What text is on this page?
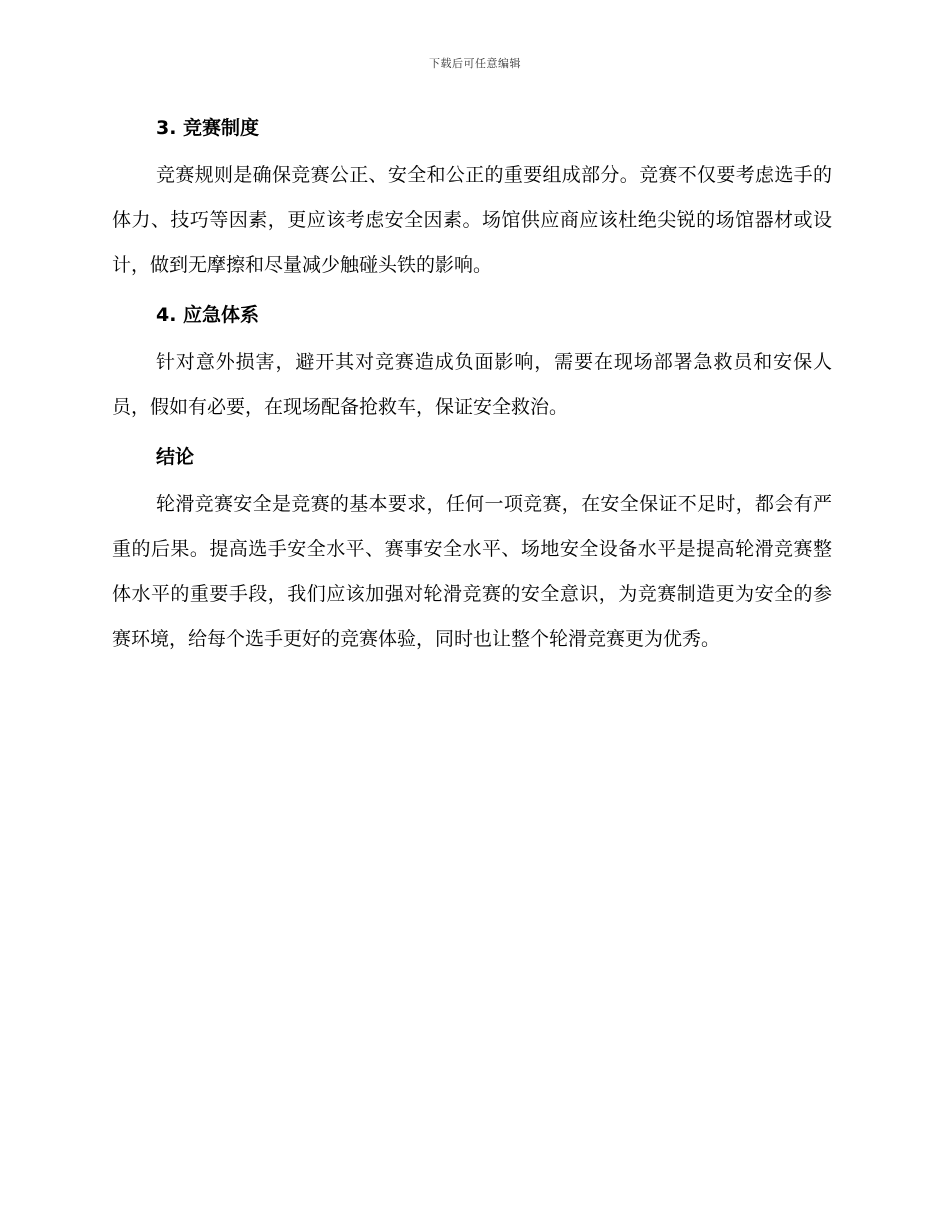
下载后可任意编辑
3. 竞赛制度

竞赛规则是确保竞赛公正、安全和公正的重要组成部分。竞赛不仅要考虑选手的体力、技巧等因素，更应该考虑安全因素。场馆供应商应该杜绝尖锐的场馆器材或设计，做到无摩擦和尽量减少触碰头铁的影响。

4. 应急体系

针对意外损害，避开其对竞赛造成负面影响，需要在现场部署急救员和安保人员，假如有必要，在现场配备抢救车，保证安全救治。

结论

轮滑竞赛安全是竞赛的基本要求，任何一项竞赛，在安全保证不足时，都会有严重的后果。提高选手安全水平、赛事安全水平、场地安全设备水平是提高轮滑竞赛整体水平的重要手段，我们应该加强对轮滑竞赛的安全意识，为竞赛制造更为安全的参赛环境，给每个选手更好的竞赛体验，同时也让整个轮滑竞赛更为优秀。
